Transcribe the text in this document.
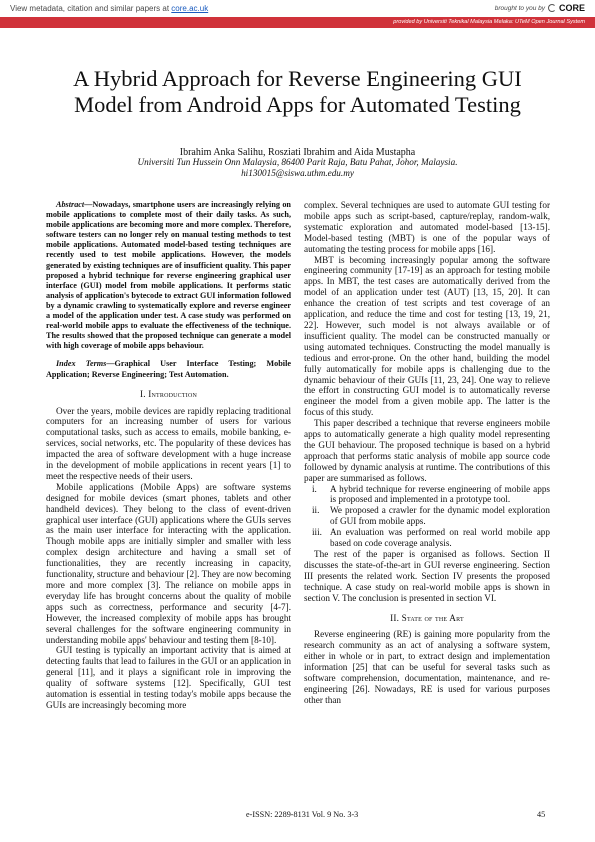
View metadata, citation and similar papers at core.ac.uk	brought to you by CORE
provided by Universiti Teknikal Malaysia Melaka: UTeM Open Journal System
A Hybrid Approach for Reverse Engineering GUI
Model from Android Apps for Automated Testing
Ibrahim Anka Salihu, Rosziati Ibrahim and Aida Mustapha
Universiti Tun Hussein Onn Malaysia, 86400 Parit Raja, Batu Pahat, Johor, Malaysia.
hi130015@siswa.uthm.edu.my
Abstract—Nowadays, smartphone users are increasingly relying on mobile applications to complete most of their daily tasks. As such, mobile applications are becoming more and more complex. Therefore, software testers can no longer rely on manual testing methods to test mobile applications. Automated model-based testing techniques are recently used to test mobile applications. However, the models generated by existing techniques are of insufficient quality. This paper proposed a hybrid technique for reverse engineering graphical user interface (GUI) model from mobile applications. It performs static analysis of application's bytecode to extract GUI information followed by a dynamic crawling to systematically explore and reverse engineer a model of the application under test. A case study was performed on real-world mobile apps to evaluate the effectiveness of the technique. The results showed that the proposed technique can generate a model with high coverage of mobile apps behaviour.
Index Terms—Graphical User Interface Testing; Mobile Application; Reverse Engineering; Test Automation.
I. Introduction

Over the years, mobile devices are rapidly replacing traditional computers for an increasing number of users for various computational tasks, such as access to emails, mobile banking, e-services, social networks, etc. The popularity of these devices has impacted the area of software development with a huge increase in the development of mobile applications in recent years [1] to meet the respective needs of their users.

Mobile applications (Mobile Apps) are software systems designed for mobile devices (smart phones, tablets and other handheld devices). They belong to the class of event-driven graphical user interface (GUI) applications where the GUIs serves as the main user interface for interacting with the application. Though mobile apps are initially simpler and smaller with less complex design architecture and having a small set of functionalities, they are recently increasing in capacity, functionality, structure and behaviour [2]. They are now becoming more and more complex [3]. The reliance on mobile apps in everyday life has brought concerns about the quality of mobile apps such as correctness, performance and security [4-7]. However, the increased complexity of mobile apps has brought several challenges for the software engineering community in understanding mobile apps' behaviour and testing them [8-10].

GUI testing is typically an important activity that is aimed at detecting faults that lead to failures in the GUI or an application in general [11], and it plays a significant role in improving the quality of software systems [12]. Specifically, GUI test automation is essential in testing today's mobile apps because the GUIs are increasingly becoming more

complex. Several techniques are used to automate GUI testing for mobile apps such as script-based, capture/replay, random-walk, systematic exploration and automated model-based [13-15]. Model-based testing (MBT) is one of the popular ways of automating the testing process for mobile apps [16].

MBT is becoming increasingly popular among the software engineering community [17-19] as an approach for testing mobile apps. In MBT, the test cases are automatically derived from the model of an application under test (AUT) [13, 15, 20]. It can enhance the creation of test scripts and test coverage of an application, and reduce the time and cost for testing [13, 19, 21, 22]. However, such model is not always available or of insufficient quality. The model can be constructed manually or using automated techniques. Constructing the model manually is tedious and error-prone. On the other hand, building the model fully automatically for mobile apps is challenging due to the dynamic behaviour of their GUIs [11, 23, 24]. One way to relieve the effort in constructing GUI model is to automatically reverse engineer the model from a given mobile app. The latter is the focus of this study.

This paper described a technique that reverse engineers mobile apps to automatically generate a high quality model representing the GUI behaviour. The proposed technique is based on a hybrid approach that performs static analysis of mobile app source code followed by dynamic analysis at runtime. The contributions of this paper are summarised as follows.

i. A hybrid technique for reverse engineering of mobile apps is proposed and implemented in a prototype tool.
ii. We proposed a crawler for the dynamic model exploration of GUI from mobile apps.
iii. An evaluation was performed on real world mobile app based on code coverage analysis.

The rest of the paper is organised as follows. Section II discusses the state-of-the-art in GUI reverse engineering. Section III presents the related work. Section IV presents the proposed technique. A case study on real-world mobile apps is shown in section V. The conclusion is presented in section VI.

II. State of the Art

Reverse engineering (RE) is gaining more popularity from the research community as an act of analysing a software system, either in whole or in part, to extract design and implementation information [25] that can be useful for several tasks such as software comprehension, documentation, maintenance, and re-engineering [26]. Nowadays, RE is used for various purposes other than

e-ISSN: 2289-8131 Vol. 9 No. 3-3	45
